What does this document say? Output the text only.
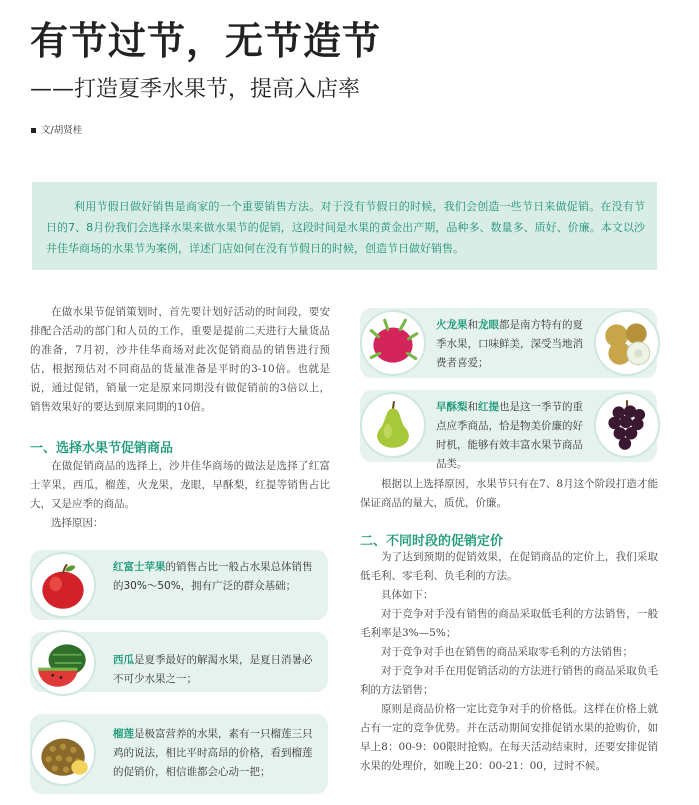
有节过节，无节造节
——打造夏季水果节，提高入店率
文/胡贤桂
利用节假日做好销售是商家的一个重要销售方法。对于没有节假日的时候，我们会创造一些节日来做促销。在没有节日的7、8月份我们会选择水果来做水果节的促销，这段时间是水果的黄金出产期，品种多、数量多、质好、价廉。本文以沙井佳华商场的水果节为案例，详述门店如何在没有节假日的时候，创造节日做好销售。

在做水果节促销策划时，首先要计划好活动的时间段，要安排配合活动的部门和人员的工作，重要是提前二天进行大量货品的准备，7月初，沙井佳华商场对此次促销商品的销售进行预估，根据预估对不同商品的货量准备是平时的3-10倍。也就是说，通过促销，销量一定是原来同期没有做促销前的3倍以上，销售效果好的要达到原来同期的10倍。

一、选择水果节促销商品

在做促销商品的选择上，沙井佳华商场的做法是选择了红富士苹果，西瓜，榴莲，火龙果，龙眼，早酥梨，红提等销售占比大，又是应季的商品。

选择原因：

红富士苹果的销售占比一般占水果总体销售的30%～50%，拥有广泛的群众基础；
西瓜是夏季最好的解渴水果，是夏日消暑必不可少水果之一；
榴莲是极富营养的水果，素有一只榴莲三只鸡的说法，相比平时高昂的价格，看到榴莲的促销价，相信谁都会心动一把；
火龙果和龙眼都是南方特有的夏季水果，口味鲜美，深受当地消费者喜爱；
早酥梨和红提也是这一季节的重点应季商品，恰是物美价廉的好时机，能够有效丰富水果节商品品类。

根据以上选择原因，水果节只有在7、8月这个阶段打造才能保证商品的量大，质优，价廉。

二、不同时段的促销定价

为了达到预期的促销效果，在促销商品的定价上，我们采取低毛利、零毛利、负毛利的方法。

具体如下：

对于竞争对手没有销售的商品采取低毛利的方法销售，一般毛利率是3%—5%；

对于竞争对手也在销售的商品采取零毛利的方法销售；

对于竞争对手在用促销活动的方法进行销售的商品采取负毛利的方法销售；

原则是商品价格一定比竞争对手的价格低。这样在价格上就占有一定的竞争优势。并在活动期间安排促销水果的抢购价，如早上8：00-9：00限时抢购。在每天活动结束时，还要安排促销水果的处理价，如晚上20：00-21：00，过时不候。
